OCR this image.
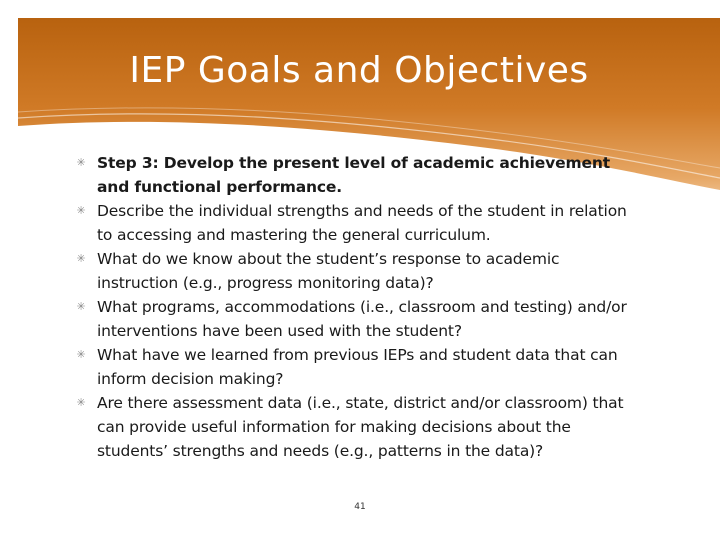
IEP Goals and Objectives
✳ Step 3: Develop the present level of academic achievement and functional performance.
✳ Describe the individual strengths and needs of the student in relation to accessing and mastering the general curriculum.
✳ What do we know about the student’s response to academic instruction (e.g., progress monitoring data)?
✳ What programs, accommodations (i.e., classroom and testing) and/or interventions have been used with the student?
✳ What have we learned from previous IEPs and student data that can inform decision making?
✳ Are there assessment data (i.e., state, district and/or classroom) that can provide useful information for making decisions about the students’ strengths and needs (e.g., patterns in the data)?
41
